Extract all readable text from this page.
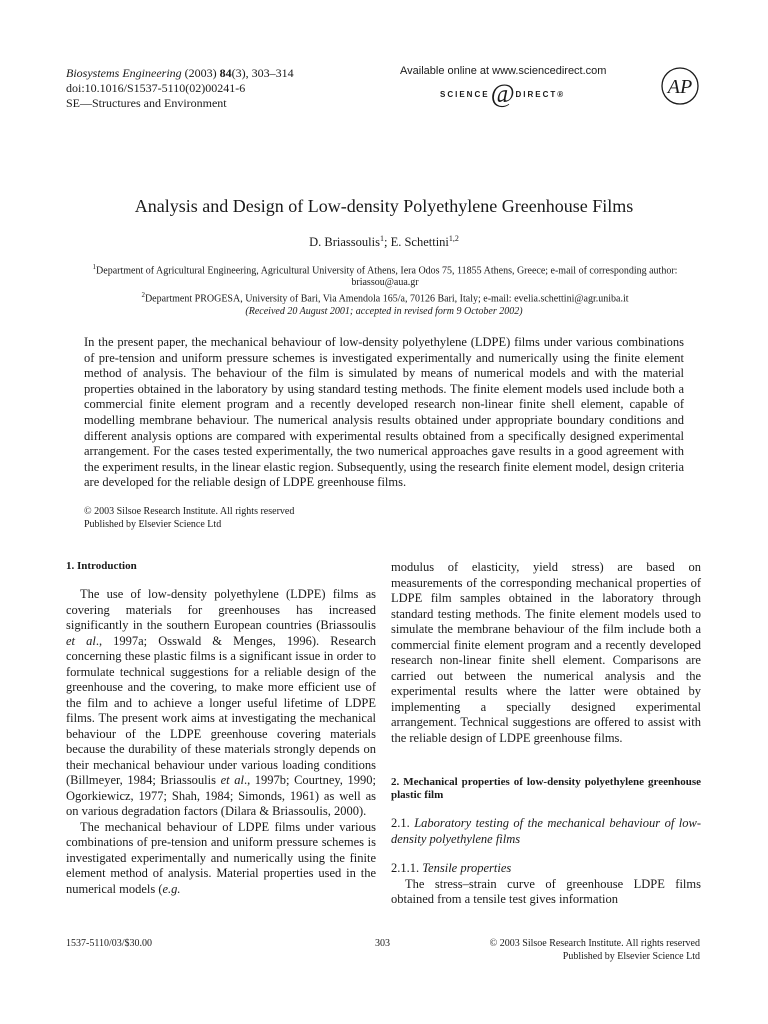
Biosystems Engineering (2003) 84(3), 303–314
doi:10.1016/S1537-5110(02)00241-6
SE—Structures and Environment
Available online at www.sciencedirect.com
SCIENCE @ DIRECT®	AP
Analysis and Design of Low-density Polyethylene Greenhouse Films
D. Briassoulis$^1$; E. Schettini$^{1,2}$
$^1$Department of Agricultural Engineering, Agricultural University of Athens, Iera Odos 75, 11855 Athens, Greece; e-mail of corresponding author: briassou@aua.gr
$^2$Department PROGESA, University of Bari, Via Amendola 165/a, 70126 Bari, Italy; e-mail: evelia.schettini@agr.uniba.it
(Received 20 August 2001; accepted in revised form 9 October 2002)
In the present paper, the mechanical behaviour of low-density polyethylene (LDPE) films under various combinations of pre-tension and uniform pressure schemes is investigated experimentally and numerically using the finite element method of analysis. The behaviour of the film is simulated by means of numerical models and with the material properties obtained in the laboratory by using standard testing methods. The finite element models used include both a commercial finite element program and a recently developed research non-linear finite shell element, capable of modelling membrane behaviour. The numerical analysis results obtained under appropriate boundary conditions and different analysis options are compared with experimental results obtained from a specifically designed experimental arrangement. For the cases tested experimentally, the two numerical approaches gave results in a good agreement with the experiment results, in the linear elastic region. Subsequently, using the research finite element model, design criteria are developed for the reliable design of LDPE greenhouse films.
© 2003 Silsoe Research Institute. All rights reserved
Published by Elsevier Science Ltd

1. Introduction

The use of low-density polyethylene (LDPE) films as covering materials for greenhouses has increased significantly in the southern European countries (Briassoulis et al., 1997a; Osswald & Menges, 1996). Research concerning these plastic films is a significant issue in order to formulate technical suggestions for a reliable design of the greenhouse and the covering, to make more efficient use of the film and to achieve a longer useful lifetime of LDPE films. The present work aims at investigating the mechanical behaviour of the LDPE greenhouse covering materials because the durability of these materials strongly depends on their mechanical behaviour under various loading conditions (Billmeyer, 1984; Briassoulis et al., 1997b; Courtney, 1990; Ogorkiewicz, 1977; Shah, 1984; Simonds, 1961) as well as on various degradation factors (Dilara & Briassoulis, 2000).

The mechanical behaviour of LDPE films under various combinations of pre-tension and uniform pressure schemes is investigated experimentally and numerically using the finite element method of analysis. Material properties used in the numerical models (e.g.

modulus of elasticity, yield stress) are based on measurements of the corresponding mechanical properties of LDPE film samples obtained in the laboratory through standard testing methods. The finite element models used to simulate the membrane behaviour of the film include both a commercial finite element program and a recently developed research non-linear finite shell element. Comparisons are carried out between the numerical analysis and the experimental results where the latter were obtained by implementing a specially designed experimental arrangement. Technical suggestions are offered to assist with the reliable design of LDPE greenhouse films.

2. Mechanical properties of low-density polyethylene greenhouse plastic film

2.1. Laboratory testing of the mechanical behaviour of low-density polyethylene films

2.1.1. Tensile properties

The stress–strain curve of greenhouse LDPE films obtained from a tensile test gives information

1537-5110/03/$30.00	303	© 2003 Silsoe Research Institute. All rights reserved
Published by Elsevier Science Ltd
